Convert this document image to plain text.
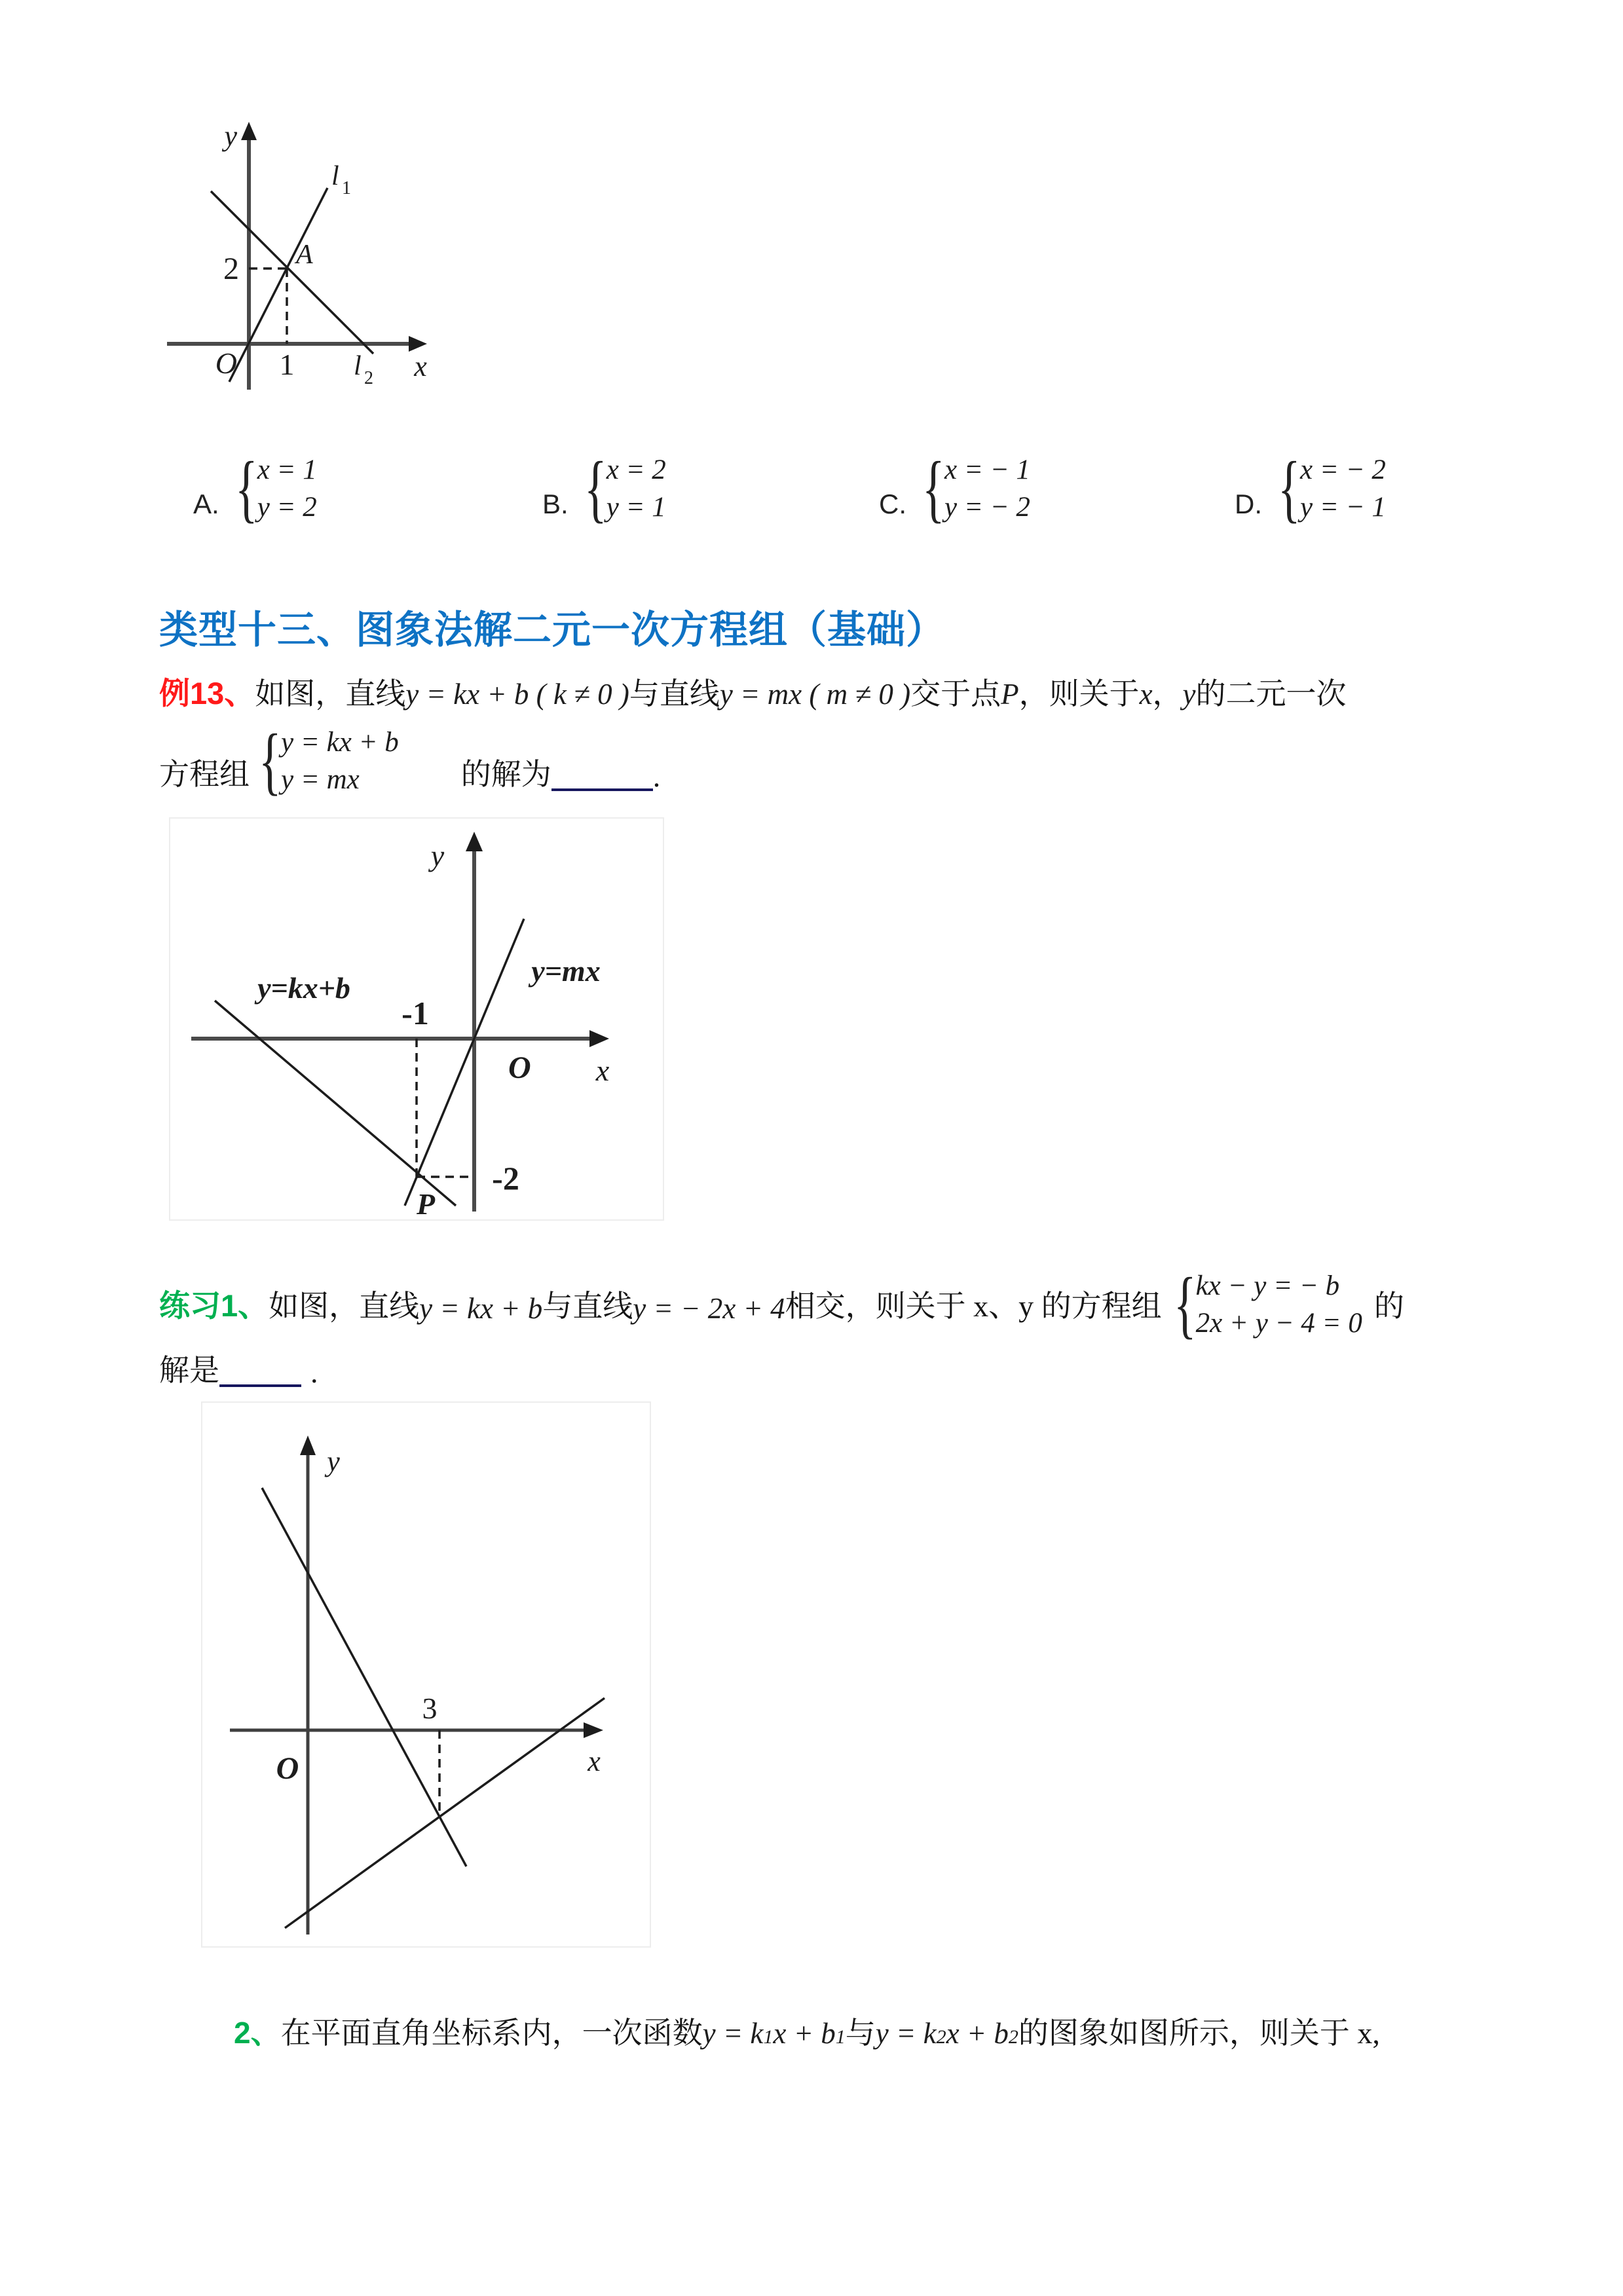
y
x
O
2
1
A
l 1
l 2
A. { x = 1
y = 2	B. { x = 2
y = 1	C. { x = − 1
y = − 2	D. { x = − 2
y = − 1
类型十三、图象法解二元一次方程组（基础）
例13、 如图，直线 y = kx + b ( k ≠ 0 ) 与直线 y = mx ( m ≠ 0 ) 交于点 P ，则关于 x ， y 的二元一次
方程组 { y = kx + b
y = mx	的解为	.
y
x
O
y=mx
y=kx+b
-1
-2
P
练习1、 如图，直线 y = kx + b 与直线 y = − 2x + 4 相交，则关于 x、y 的方程组 { kx − y = − b
2x + y − 4 = 0
的
解是	.
y
x
O
3
2、 在平面直角坐标系内，一次函数 y = k 1 x + b 1 与 y = k 2 x + b 2 的图象如图所示，则关于 x,
